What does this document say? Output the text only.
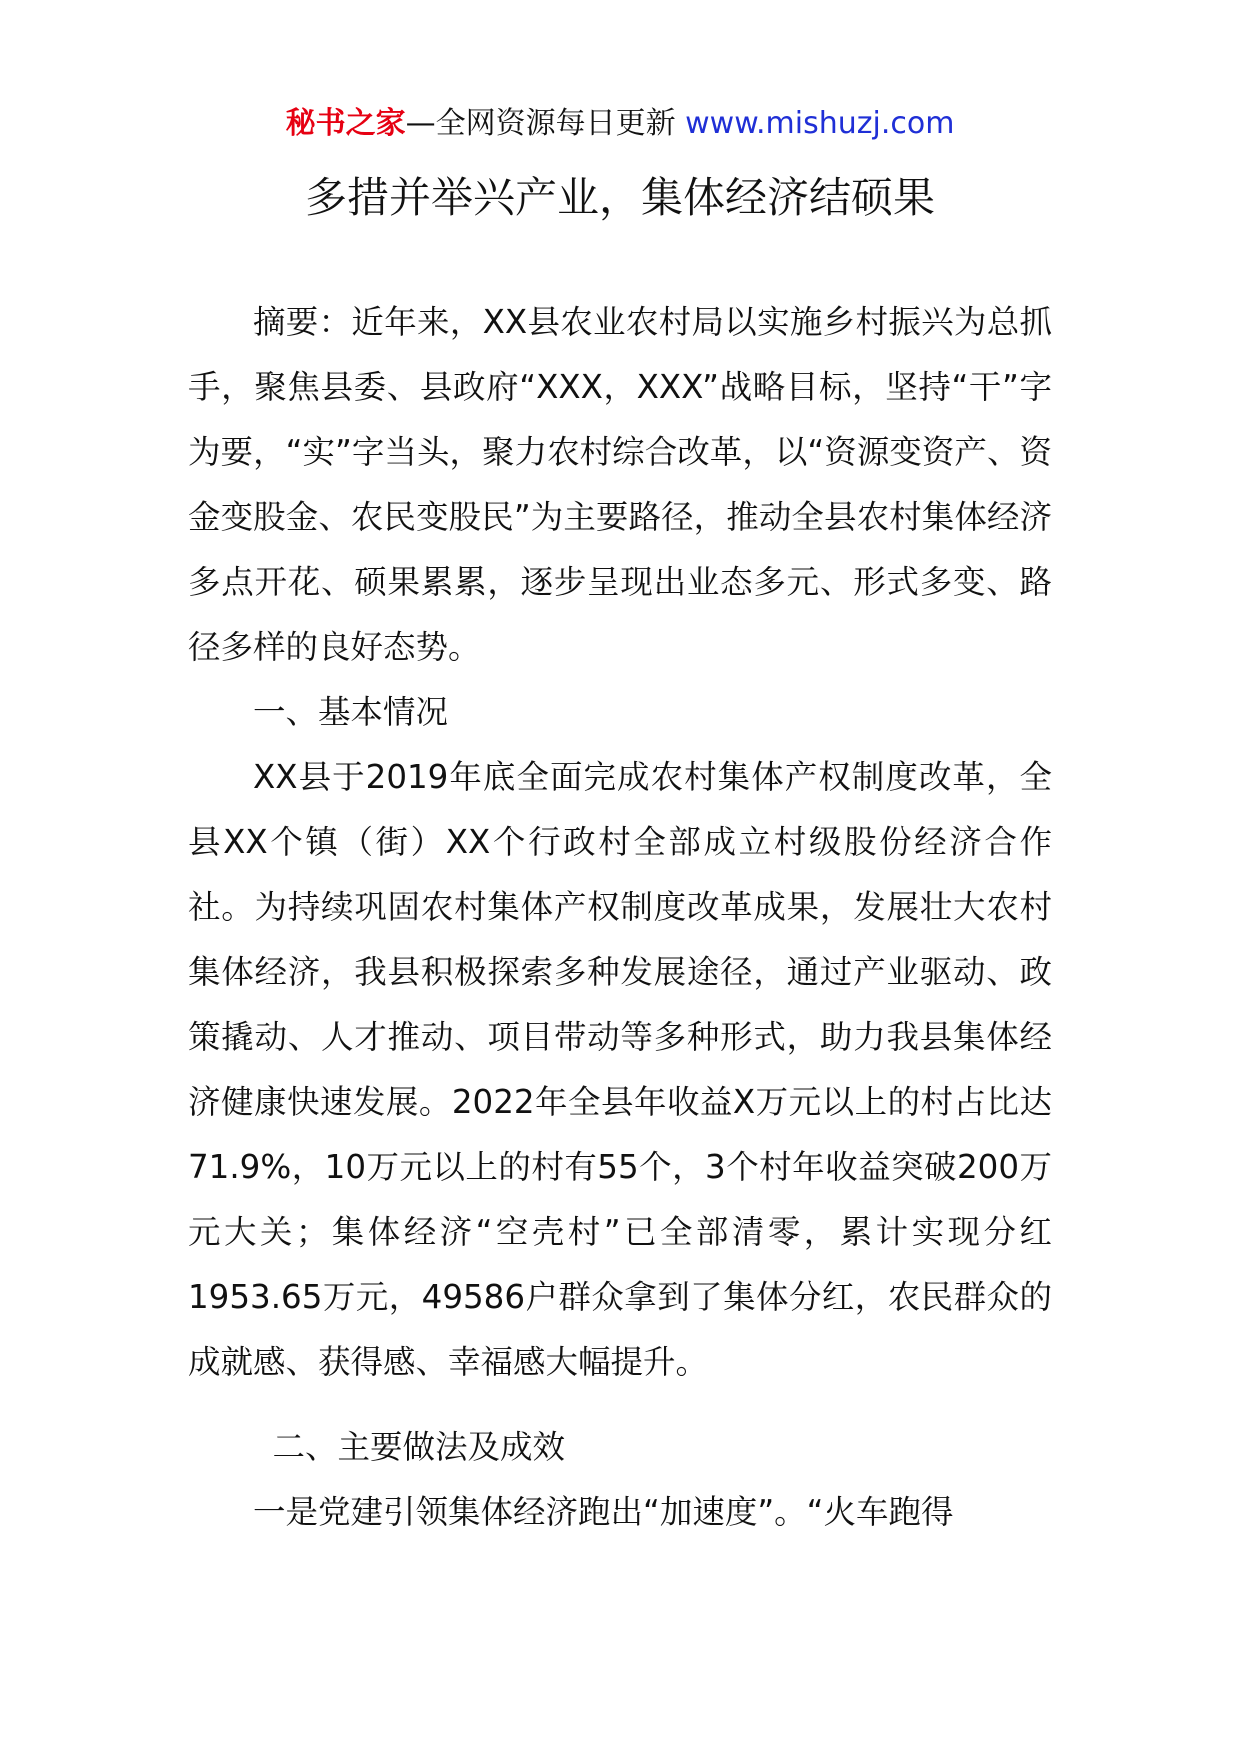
秘书之家—全网资源每日更新 www.mishuzj.com
多措并举兴产业，集体经济结硕果

摘要：近年来，XX县农业农村局以实施乡村振兴为总抓手，聚焦县委、县政府“XXX，XXX”战略目标，坚持“干”字为要，“实”字当头，聚力农村综合改革，以“资源变资产、资金变股金、农民变股民”为主要路径，推动全县农村集体经济多点开花、硕果累累，逐步呈现出业态多元、形式多变、路径多样的良好态势。

一、基本情况

XX县于2019年底全面完成农村集体产权制度改革，全县XX个镇（街）XX个行政村全部成立村级股份经济合作社。为持续巩固农村集体产权制度改革成果，发展壮大农村集体经济，我县积极探索多种发展途径，通过产业驱动、政策撬动、人才推动、项目带动等多种形式，助力我县集体经济健康快速发展。2022年全县年收益X万元以上的村占比达71.9%，10万元以上的村有55个，3个村年收益突破200万元大关；集体经济“空壳村”已全部清零，累计实现分红 1953.65万元，49586户群众拿到了集体分红，农民群众的成就感、获得感、幸福感大幅提升。

二、主要做法及成效

一是党建引领集体经济跑出“加速度”。“火车跑得
